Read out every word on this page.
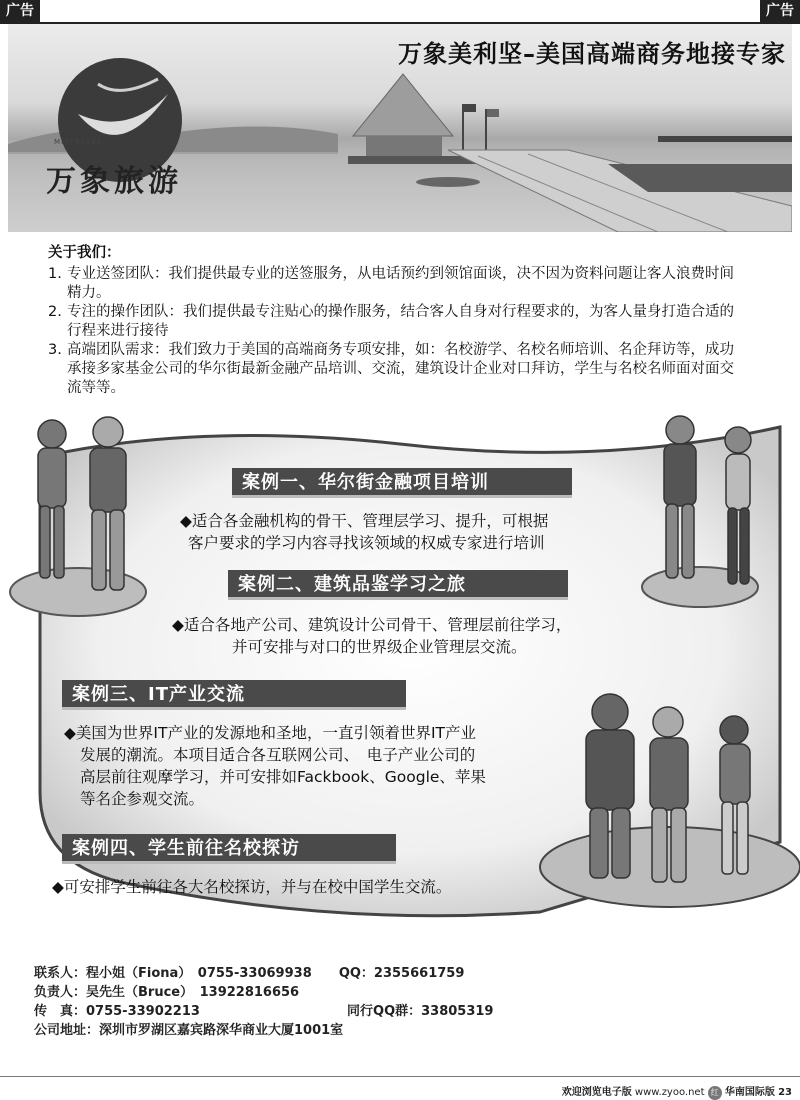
广告	广告
万象美利坚–美国高端商务地接专家
MIXTRAVEL
万象旅游
关于我们：
1. 专业送签团队：我们提供最专业的送签服务，从电话预约到领馆面谈，决不因为资料问题让客人浪费时间精力。
2. 专注的操作团队：我们提供最专注贴心的操作服务，结合客人自身对行程要求的，为客人量身打造合适的行程来进行接待
3. 高端团队需求：我们致力于美国的高端商务专项安排，如：名校游学、名校名师培训、名企拜访等，成功承接多家基金公司的华尔街最新金融产品培训、交流，建筑设计企业对口拜访，学生与名校名师面对面交流等等。
案例一、华尔街金融项目培训
◆适合各金融机构的骨干、管理层学习、提升，可根据
客户要求的学习内容寻找该领域的权威专家进行培训
案例二、建筑品鉴学习之旅
◆适合各地产公司、建筑设计公司骨干、管理层前往学习，
并可安排与对口的世界级企业管理层交流。
案例三、IT产业交流
◆美国为世界IT产业的发源地和圣地，一直引领着世界IT产业
发展的潮流。本项目适合各互联网公司、　电子产业公司的
高层前往观摩学习，并可安排如Fackbook、Google、苹果
等名企参观交流。
案例四、学生前往名校探访
◆可安排学生前往各大名校探访，并与在校中国学生交流。
联系人：程小姐（Fiona）　0755-33069938 QQ：2355661759
负责人：吴先生（Bruce）　13922816656
传　真：0755-33902213	同行QQ群：33805319
公司地址：深圳市罗湖区嘉宾路深华商业大厦1001室
欢迎浏览电子版 www.zyoo.net 红 华南国际版 23
